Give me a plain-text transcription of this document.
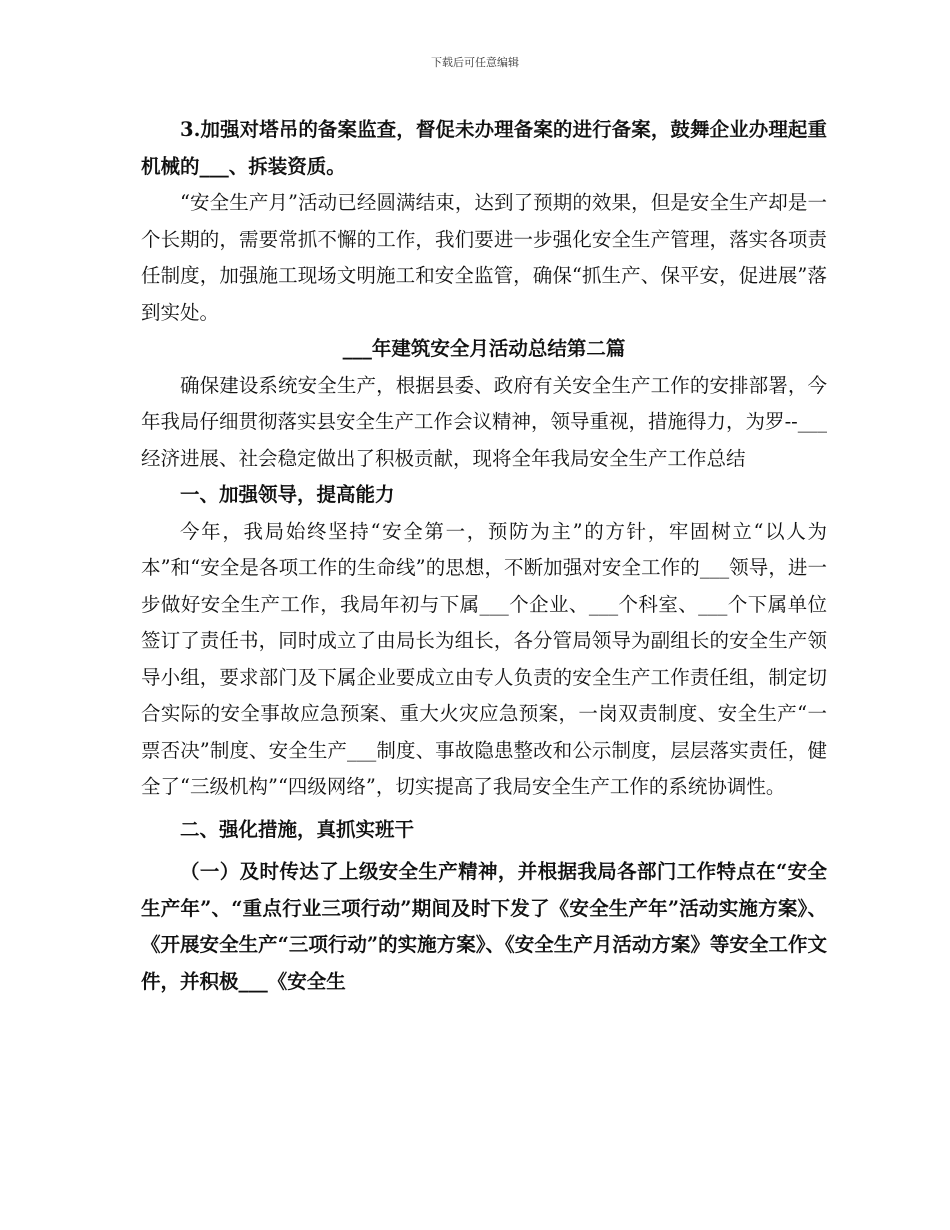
下载后可任意编辑

3.加强对塔吊的备案监查，督促未办理备案的进行备案，鼓舞企业办理起重机械的___、拆装资质。

“安全生产月”活动已经圆满结束，达到了预期的效果，但是安全生产却是一个长期的，需要常抓不懈的工作，我们要进一步强化安全生产管理，落实各项责任制度，加强施工现场文明施工和安全监管，确保“抓生产、保平安，促进展”落到实处。

___年建筑安全月活动总结第二篇

确保建设系统安全生产，根据县委、政府有关安全生产工作的安排部署，今年我局仔细贯彻落实县安全生产工作会议精神，领导重视，措施得力，为罗--___经济进展、社会稳定做出了积极贡献，现将全年我局安全生产工作总结

一、加强领导，提高能力

今年，我局始终坚持“安全第一，预防为主”的方针，牢固树立“以人为本”和“安全是各项工作的生命线”的思想，不断加强对安全工作的___领导，进一步做好安全生产工作，我局年初与下属___个企业、___个科室、___个下属单位签订了责任书，同时成立了由局长为组长，各分管局领导为副组长的安全生产领导小组，要求部门及下属企业要成立由专人负责的安全生产工作责任组，制定切合实际的安全事故应急预案、重大火灾应急预案，一岗双责制度、安全生产“一票否决”制度、安全生产___制度、事故隐患整改和公示制度，层层落实责任，健全了“三级机构”“四级网络”，切实提高了我局安全生产工作的系统协调性。

二、强化措施，真抓实班干

（一）及时传达了上级安全生产精神，并根据我局各部门工作特点在“安全生产年”、“重点行业三项行动”期间及时下发了《安全生产年”活动实施方案》、《开展安全生产“三项行动”的实施方案》、《安全生产月活动方案》等安全工作文件，并积极___《安全生
